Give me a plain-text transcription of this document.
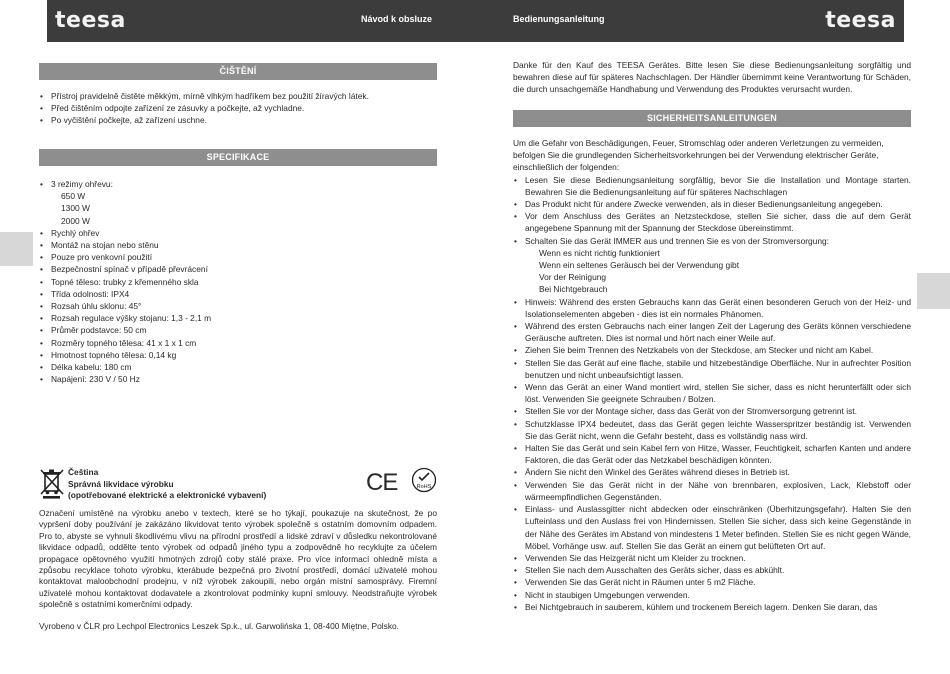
teesa	Návod k obsluze	Bedienungsanleitung	teesa
ČIŠTĚNÍ
• Přístroj pravidelně čistěte měkkým, mírně vlhkým hadříkem bez použití žíravých látek.
• Před čištěním odpojte zařízení ze zásuvky a počkejte, až vychladne.
• Po vyčištění počkejte, až zařízení uschne.
SPECIFIKACE
• 3 režimy ohřevu:
650 W
1300 W
2000 W
• Rychlý ohřev
• Montáž na stojan nebo stěnu
• Pouze pro venkovní použití
• Bezpečnostní spínač v případě převrácení
• Topné těleso: trubky z křemenného skla
• Třída odolnosti: IPX4
• Rozsah úhlu sklonu: 45°
• Rozsah regulace výšky stojanu: 1,3 - 2,1 m
• Průměr podstavce: 50 cm
• Rozměry topného tělesa: 41 x 1 x 1 cm
• Hmotnost topného tělesa: 0,14 kg
• Délka kabelu: 180 cm
• Napájení: 230 V / 50 Hz
Čeština
Správná likvidace výrobku
(opotřebované elektrické a elektronické vybavení)	CE	RoHS
Označení umístěné na výrobku anebo v textech, které se ho týkají, poukazuje na skutečnost, že po vypršení doby používání je zakázáno likvidovat tento výrobek společně s ostatním domovním odpadem. Pro to, abyste se vyhnuli škodlivému vlivu na přírodní prostředí a lidské zdraví v důsledku nekontrolované likvidace odpadů, oddělte tento výrobek od odpadů jiného typu a zodpovědně ho recyklujte za účelem propagace opětovného využití hmotných zdrojů coby stálé praxe. Pro více informací ohledně místa a způsobu recyklace tohoto výrobku, kterábude bezpečná pro životní prostředí, domácí uživatelé mohou kontaktovat maloobchodní prodejnu, v níž výrobek zakoupili, nebo orgán místní samosprávy. Firemní uživatelé mohou kontaktovat dodavatele a zkontrolovat podmínky kupní smlouvy. Neodstraňujte výrobek společně s ostatními komerčními odpady.
Vyrobeno v ČLR pro Lechpol Electronics Leszek Sp.k., ul. Garwolińska 1, 08-400 Miętne, Polsko.
Danke für den Kauf des TEESA Gerätes. Bitte lesen Sie diese Bedienungsanleitung sorgfältig und bewahren diese auf für späteres Nachschlagen. Der Händler übernimmt keine Verantwortung für Schäden, die durch unsachgemäße Handhabung und Verwendung des Produktes verursacht wurden.
SICHERHEITSANLEITUNGEN
Um die Gefahr von Beschädigungen, Feuer, Stromschlag oder anderen Verletzungen zu vermeiden, befolgen Sie die grundlegenden Sicherheitsvorkehrungen bei der Verwendung elektrischer Geräte, einschließlich der folgenden:
• Lesen Sie diese Bedienungsanleitung sorgfältig, bevor Sie die Installation und Montage starten. Bewahren Sie die Bedienungsanleitung auf für späteres Nachschlagen
• Das Produkt nicht für andere Zwecke verwenden, als in dieser Bedienungsanleitung angegeben.
• Vor dem Anschluss des Gerätes an Netzsteckdose, stellen Sie sicher, dass die auf dem Gerät angegebene Spannung mit der Spannung der Steckdose übereinstimmt.
• Schalten Sie das Gerät IMMER aus und trennen Sie es von der Stromversorgung:
Wenn es nicht richtig funktioniert
Wenn ein seltenes Geräusch bei der Verwendung gibt
Vor der Reinigung
Bei Nichtgebrauch
• Hinweis: Während des ersten Gebrauchs kann das Gerät einen besonderen Geruch von der Heiz- und Isolationselementen abgeben - dies ist ein normales Phänomen.
• Während des ersten Gebrauchs nach einer langen Zeit der Lagerung des Geräts können verschiedene Geräusche auftreten. Dies ist normal und hört nach einer Weile auf.
• Ziehen Sie beim Trennen des Netzkabels von der Steckdose, am Stecker und nicht am Kabel.
• Stellen Sie das Gerät auf eine flache, stabile und hitzebeständige Oberfläche. Nur in aufrechter Position benutzen und nicht unbeaufsichtigt lassen.
• Wenn das Gerät an einer Wand montiert wird, stellen Sie sicher, dass es nicht herunterfällt oder sich löst. Verwenden Sie geeignete Schrauben / Bolzen.
• Stellen Sie vor der Montage sicher, dass das Gerät von der Stromversorgung getrennt ist.
• Schutzklasse IPX4 bedeutet, dass das Gerät gegen leichte Wasserspritzer beständig ist. Verwenden Sie das Gerät nicht, wenn die Gefahr besteht, dass es vollständig nass wird.
• Halten Sie das Gerät und sein Kabel fern von Hitze, Wasser, Feuchtigkeit, scharfen Kanten und andere Faktoren, die das Gerät oder das Netzkabel beschädigen könnten.
• Ändern Sie nicht den Winkel des Gerätes während dieses in Betrieb ist.
• Verwenden Sie das Gerät nicht in der Nähe von brennbaren, explosiven, Lack, Klebstoff oder wärmeempfindlichen Gegenständen.
• Einlass- und Auslassgitter nicht abdecken oder einschränken (Überhitzungsgefahr). Halten Sie den Lufteinlass und den Auslass frei von Hindernissen. Stellen Sie sicher, dass sich keine Gegenstände in der Nähe des Gerätes im Abstand von mindestens 1 Meter befinden. Stellen Sie es nicht gegen Wände, Möbel, Vorhänge usw. auf. Stellen Sie das Gerät an einem gut belüfteten Ort auf.
• Verwenden Sie das Heizgerät nicht um Kleider zu trocknen.
• Stellen Sie nach dem Ausschalten des Geräts sicher, dass es abkühlt.
• Verwenden Sie das Gerät nicht in Räumen unter 5 m2 Fläche.
• Nicht in staubigen Umgebungen verwenden.
• Bei Nichtgebrauch in sauberem, kühlem und trockenem Bereich lagern. Denken Sie daran, das
